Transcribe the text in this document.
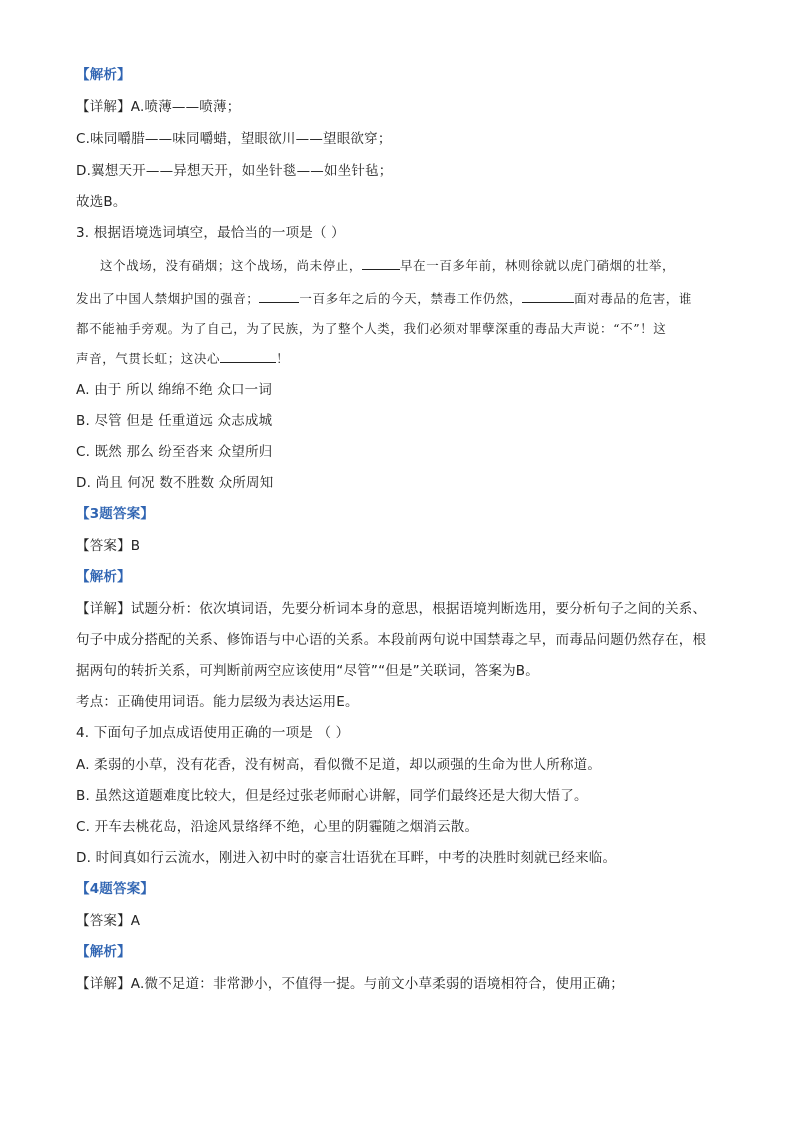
【解析】
【详解】A.喷薄——喷薄；
C.味同嚼腊——味同嚼蜡，望眼欲川——望眼欲穿；
D.翼想天开——异想天开，如坐针毯——如坐针毡；
故选B。
3. 根据语境选词填空，最恰当的一项是（ ）
这个战场，没有硝烟；这个战场，尚未停止，	早在一百多年前，林则徐就以虎门硝烟的壮举，
发出了中国人禁烟护国的强音；	一百多年之后的今天，禁毒工作仍然，	面对毒品的危害，谁
都不能袖手旁观。为了自己，为了民族，为了整个人类，我们必须对罪孽深重的毒品大声说：“不”！这
声音，气贯长虹；这决心	！
A. 由于 所以 绵绵不绝 众口一词
B. 尽管 但是 任重道远 众志成城
C. 既然 那么 纷至沓来 众望所归
D. 尚且 何况 数不胜数 众所周知
【3题答案】
【答案】B
【解析】
【详解】试题分析：依次填词语，先要分析词本身的意思，根据语境判断选用，要分析句子之间的关系、
句子中成分搭配的关系、修饰语与中心语的关系。本段前两句说中国禁毒之早，而毒品问题仍然存在，根
据两句的转折关系，可判断前两空应该使用“尽管”“但是”关联词，答案为B。
考点：正确使用词语。能力层级为表达运用E。
4. 下面句子加点成语使用正确的一项是 （ ）
A. 柔弱的小草，没有花香，没有树高，看似微不足道，却以顽强的生命为世人所称道。
B. 虽然这道题难度比较大，但是经过张老师耐心讲解，同学们最终还是大彻大悟了。
C. 开车去桃花岛，沿途风景络绎不绝，心里的阴霾随之烟消云散。
D. 时间真如行云流水，刚进入初中时的豪言壮语犹在耳畔，中考的决胜时刻就已经来临。
【4题答案】
【答案】A
【解析】
【详解】A.微不足道：非常渺小，不值得一提。与前文小草柔弱的语境相符合，使用正确；
